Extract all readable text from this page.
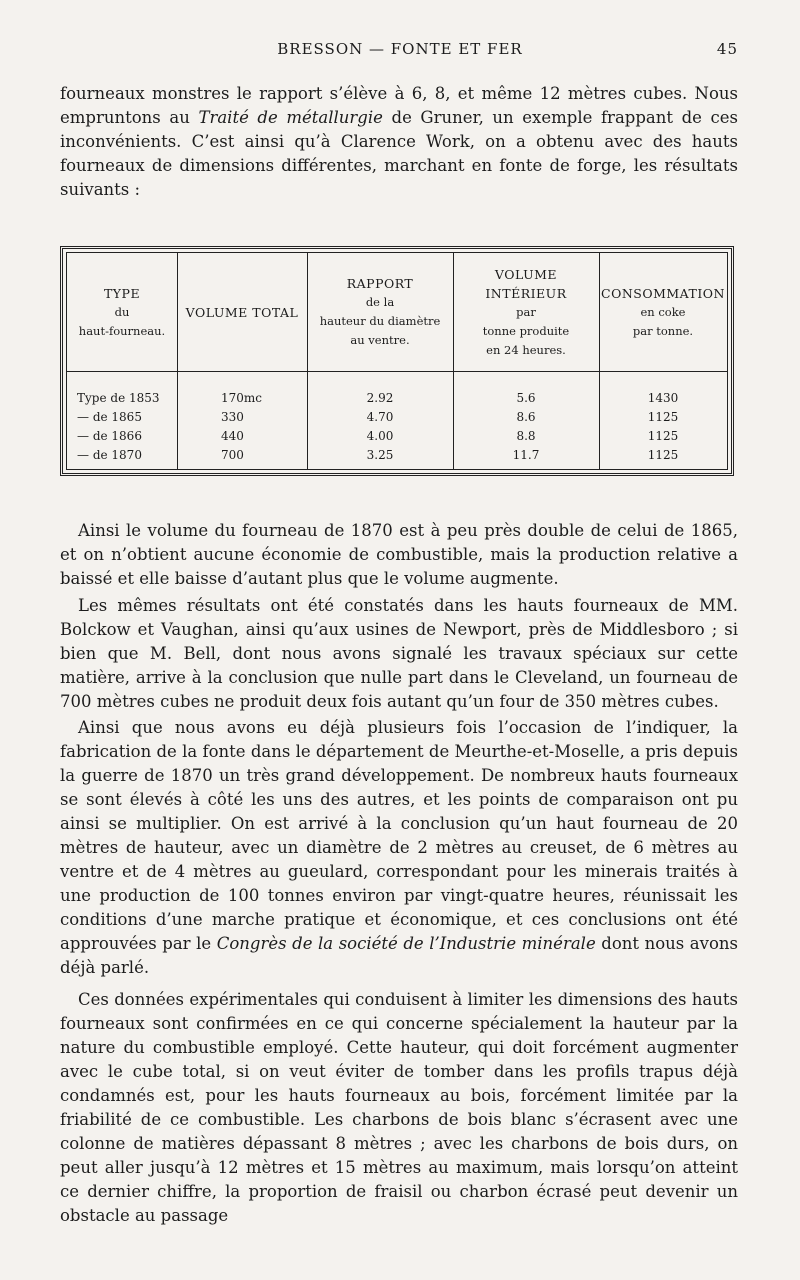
BRESSON — FONTE ET FER	45

fourneaux monstres le rapport s’élève à 6, 8, et même 12 mètres cubes. Nous empruntons au Traité de métallurgie de Gruner, un exemple frappant de ces inconvénients. C’est ainsi qu’à Clarence Work, on a obtenu avec des hauts fourneaux de dimensions différentes, marchant en fonte de forge, les résultats suivants :

TYPE
du
haut-fourneau.
Type de 1853
— de 1865
— de 1866
— de 1870
VOLUME TOTAL
170mc
330
440
700
RAPPORT
de la
hauteur du diamètre
au ventre.
2.92
4.70
4.00
3.25
VOLUME INTÉRIEUR
par
tonne produite
en 24 heures.
5.6
8.6
8.8
11.7
CONSOMMATION
en coke
par tonne.
1430
1125
1125
1125

Ainsi le volume du fourneau de 1870 est à peu près double de celui de 1865, et on n’obtient aucune économie de combustible, mais la production relative a baissé et elle baisse d’autant plus que le volume augmente.

Les mêmes résultats ont été constatés dans les hauts fourneaux de MM. Bolckow et Vaughan, ainsi qu’aux usines de Newport, près de Middlesboro ; si bien que M. Bell, dont nous avons signalé les travaux spéciaux sur cette matière, arrive à la conclusion que nulle part dans le Cleveland, un fourneau de 700 mètres cubes ne produit deux fois autant qu’un four de 350 mètres cubes.

Ainsi que nous avons eu déjà plusieurs fois l’occasion de l’indiquer, la fabrication de la fonte dans le département de Meurthe-et-Moselle, a pris depuis la guerre de 1870 un très grand développement. De nombreux hauts fourneaux se sont élevés à côté les uns des autres, et les points de comparaison ont pu ainsi se multiplier. On est arrivé à la conclusion qu’un haut fourneau de 20 mètres de hauteur, avec un diamètre de 2 mètres au creuset, de 6 mètres au ventre et de 4 mètres au gueulard, correspondant pour les minerais traités à une production de 100 tonnes environ par vingt-quatre heures, réunissait les conditions d’une marche pratique et économique, et ces conclusions ont été approuvées par le Congrès de la société de l’Industrie minérale dont nous avons déjà parlé.

Ces données expérimentales qui conduisent à limiter les dimensions des hauts fourneaux sont confirmées en ce qui concerne spécialement la hauteur par la nature du combustible employé. Cette hauteur, qui doit forcément augmenter avec le cube total, si on veut éviter de tomber dans les profils trapus déjà condamnés est, pour les hauts fourneaux au bois, forcément limitée par la friabilité de ce combustible. Les charbons de bois blanc s’écrasent avec une colonne de matières dépassant 8 mètres ; avec les charbons de bois durs, on peut aller jusqu’à 12 mètres et 15 mètres au maximum, mais lorsqu’on atteint ce dernier chiffre, la proportion de fraisil ou charbon écrasé peut devenir un obstacle au passage
